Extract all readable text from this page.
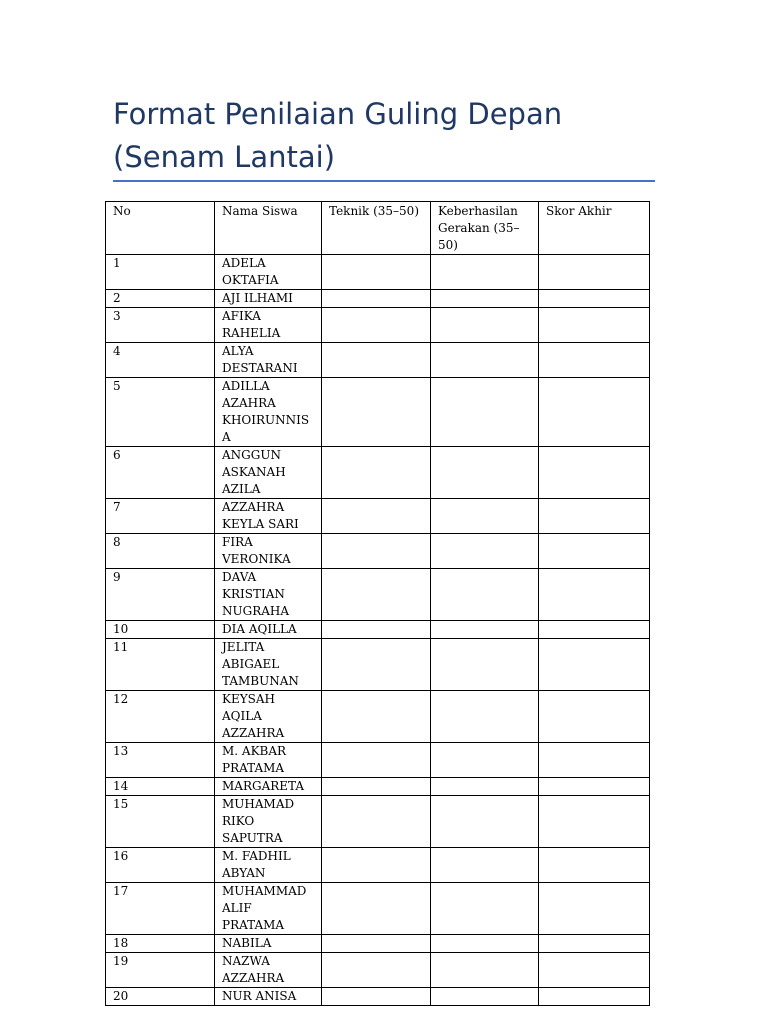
Format Penilaian Guling Depan (Senam Lantai)
No	Nama Siswa	Teknik (35–50)	Keberhasilan Gerakan (35–50)	Skor Akhir
1	ADELA OKTAFIA			
2	AJI ILHAMI			
3	AFIKA RAHELIA			
4	ALYA DESTARANI			
5	ADILLA AZAHRA KHOIRUNNISA			
6	ANGGUN ASKANAH AZILA			
7	AZZAHRA KEYLA SARI			
8	FIRA VERONIKA			
9	DAVA KRISTIAN NUGRAHA			
10	DIA AQILLA			
11	JELITA ABIGAEL TAMBUNAN			
12	KEYSAH AQILA AZZAHRA			
13	M. AKBAR PRATAMA			
14	MARGARETA			
15	MUHAMAD RIKO SAPUTRA			
16	M. FADHIL ABYAN			
17	MUHAMMAD ALIF PRATAMA			
18	NABILA			
19	NAZWA AZZAHRA			
20	NUR ANISA			
